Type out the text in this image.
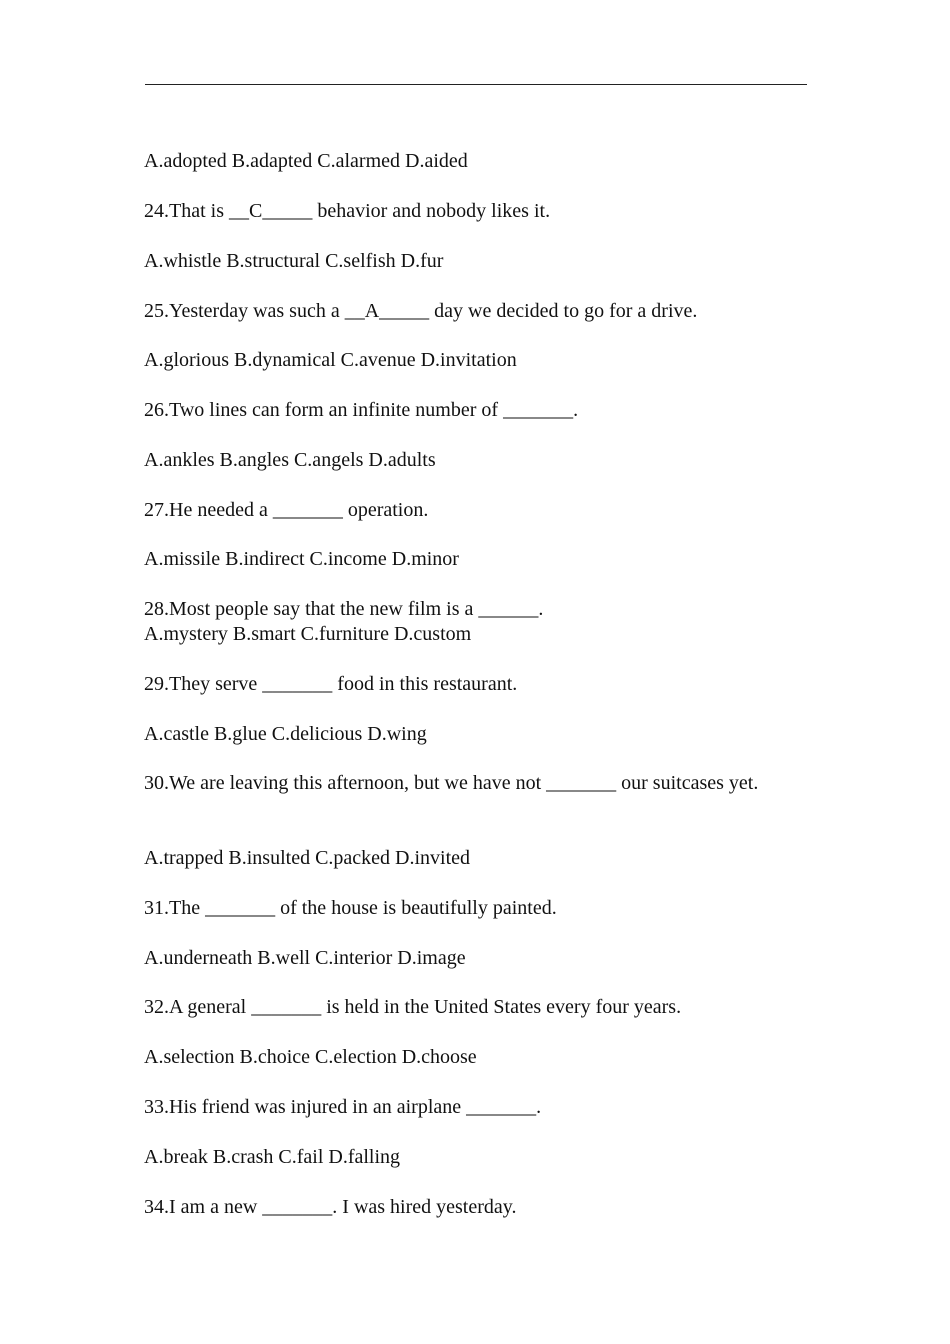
A.adopted B.adapted C.alarmed D.aided
24.That is __C_____ behavior and nobody likes it.
A.whistle B.structural C.selfish D.fur
25.Yesterday was such a __A_____ day we decided to go for a drive.
A.glorious B.dynamical C.avenue D.invitation
26.Two lines can form an infinite number of _______.
A.ankles B.angles C.angels D.adults
27.He needed a _______ operation.
A.missile B.indirect C.income D.minor
28.Most people say that the new film is a ______.
A.mystery B.smart C.furniture D.custom
29.They serve _______ food in this restaurant.
A.castle B.glue C.delicious D.wing
30.We are leaving this afternoon, but we have not _______ our suitcases yet.
A.trapped B.insulted C.packed D.invited
31.The _______ of the house is beautifully painted.
A.underneath B.well C.interior D.image
32.A general _______ is held in the United States every four years.
A.selection B.choice C.election D.choose
33.His friend was injured in an airplane _______.
A.break B.crash C.fail D.falling
34.I am a new _______. I was hired yesterday.
